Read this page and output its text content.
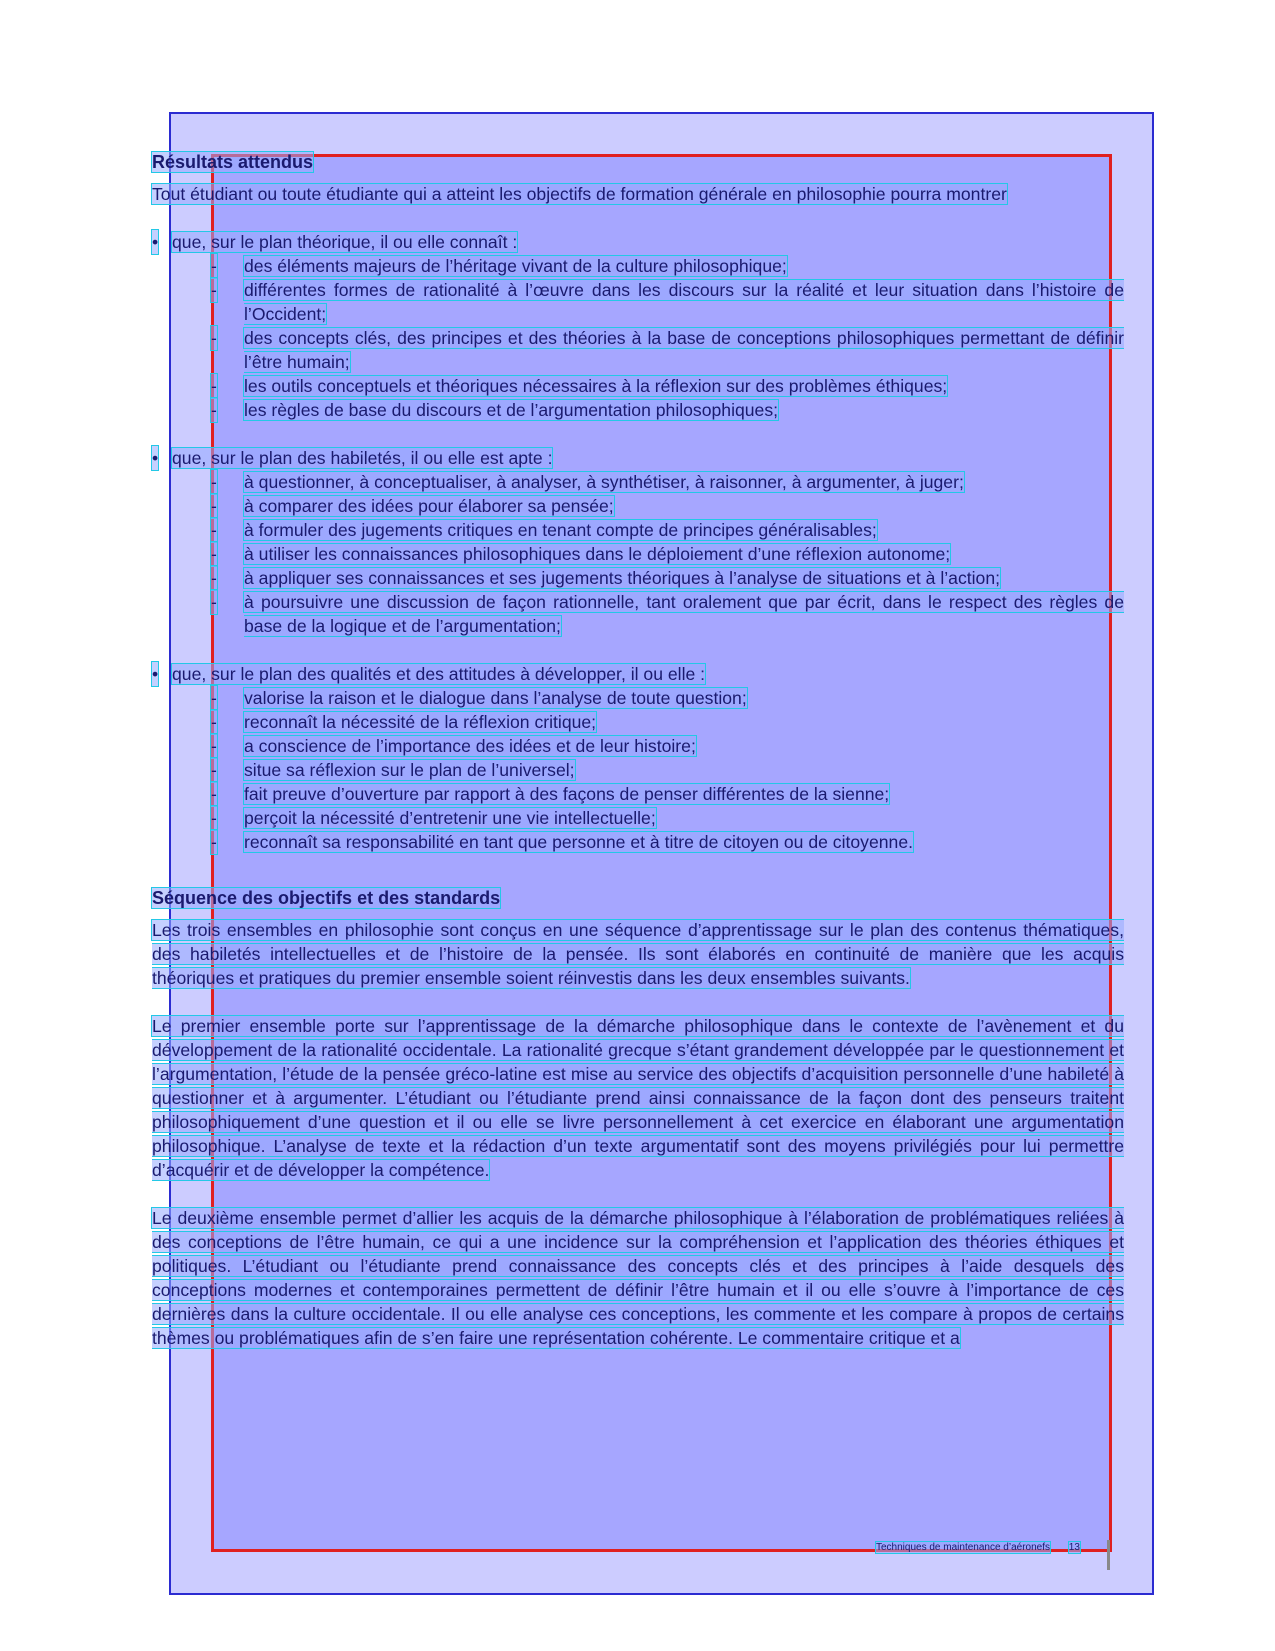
Résultats attendus

Tout étudiant ou toute étudiante qui a atteint les objectifs de formation générale en philosophie pourra montrer

• que, sur le plan théorique, il ou elle connaît :
- des éléments majeurs de l’héritage vivant de la culture philosophique;
- différentes formes de rationalité à l’œuvre dans les discours sur la réalité et leur situation dans l’histoire de l’Occident;
- des concepts clés, des principes et des théories à la base de conceptions philosophiques permettant de définir l’être humain;
- les outils conceptuels et théoriques nécessaires à la réflexion sur des problèmes éthiques;
- les règles de base du discours et de l’argumentation philosophiques;
• que, sur le plan des habiletés, il ou elle est apte :
- à questionner, à conceptualiser, à analyser, à synthétiser, à raisonner, à argumenter, à juger;
- à comparer des idées pour élaborer sa pensée;
- à formuler des jugements critiques en tenant compte de principes généralisables;
- à utiliser les connaissances philosophiques dans le déploiement d’une réflexion autonome;
- à appliquer ses connaissances et ses jugements théoriques à l’analyse de situations et à l’action;
- à poursuivre une discussion de façon rationnelle, tant oralement que par écrit, dans le respect des règles de base de la logique et de l’argumentation;
• que, sur le plan des qualités et des attitudes à développer, il ou elle :
- valorise la raison et le dialogue dans l’analyse de toute question;
- reconnaît la nécessité de la réflexion critique;
- a conscience de l’importance des idées et de leur histoire;
- situe sa réflexion sur le plan de l’universel;
- fait preuve d’ouverture par rapport à des façons de penser différentes de la sienne;
- perçoit la nécessité d’entretenir une vie intellectuelle;
- reconnaît sa responsabilité en tant que personne et à titre de citoyen ou de citoyenne.
Séquence des objectifs et des standards

Les trois ensembles en philosophie sont conçus en une séquence d’apprentissage sur le plan des contenus thématiques, des habiletés intellectuelles et de l’histoire de la pensée. Ils sont élaborés en continuité de manière que les acquis théoriques et pratiques du premier ensemble soient réinvestis dans les deux ensembles suivants.

Le premier ensemble porte sur l’apprentissage de la démarche philosophique dans le contexte de l’avènement et du développement de la rationalité occidentale. La rationalité grecque s’étant grandement développée par le questionnement et l’argumentation, l’étude de la pensée gréco-latine est mise au service des objectifs d’acquisition personnelle d’une habileté à questionner et à argumenter. L’étudiant ou l’étudiante prend ainsi connaissance de la façon dont des penseurs traitent philosophiquement d’une question et il ou elle se livre personnellement à cet exercice en élaborant une argumentation philosophique. L’analyse de texte et la rédaction d’un texte argumentatif sont des moyens privilégiés pour lui permettre d’acquérir et de développer la compétence.

Le deuxième ensemble permet d’allier les acquis de la démarche philosophique à l’élaboration de problématiques reliées à des conceptions de l’être humain, ce qui a une incidence sur la compréhension et l’application des théories éthiques et politiques. L’étudiant ou l’étudiante prend connaissance des concepts clés et des principes à l’aide desquels des conceptions modernes et contemporaines permettent de définir l’être humain et il ou elle s’ouvre à l’importance de ces dernières dans la culture occidentale. Il ou elle analyse ces conceptions, les commente et les compare à propos de certains thèmes ou problématiques afin de s’en faire une représentation cohérente. Le commentaire critique et a

Techniques de maintenance d’aéronefs 13
